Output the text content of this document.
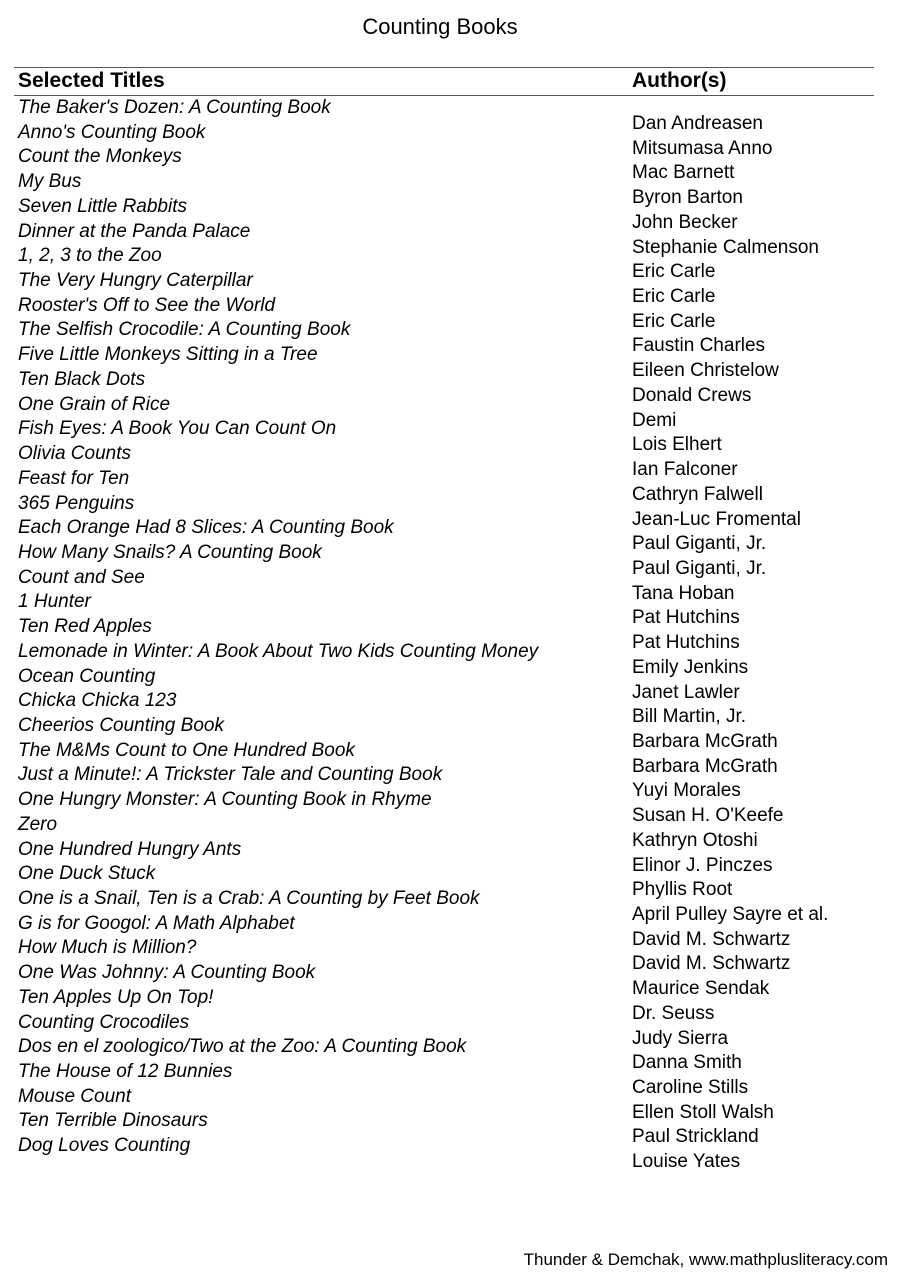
Counting Books
Selected Titles	Author(s)
The Baker's Dozen: A Counting Book
Anno's Counting Book
Count the Monkeys
My Bus
Seven Little Rabbits
Dinner at the Panda Palace
1, 2, 3 to the Zoo
The Very Hungry Caterpillar
Rooster's Off to See the World
The Selfish Crocodile: A Counting Book
Five Little Monkeys Sitting in a Tree
Ten Black Dots
One Grain of Rice
Fish Eyes: A Book You Can Count On
Olivia Counts
Feast for Ten
365 Penguins
Each Orange Had 8 Slices: A Counting Book
How Many Snails? A Counting Book
Count and See
1 Hunter
Ten Red Apples
Lemonade in Winter: A Book About Two Kids Counting Money
Ocean Counting
Chicka Chicka 123
Cheerios Counting Book
The M&Ms Count to One Hundred Book
Just a Minute!: A Trickster Tale and Counting Book
One Hungry Monster: A Counting Book in Rhyme
Zero
One Hundred Hungry Ants
One Duck Stuck
One is a Snail, Ten is a Crab: A Counting by Feet Book
G is for Googol: A Math Alphabet
How Much is Million?
One Was Johnny: A Counting Book
Ten Apples Up On Top!
Counting Crocodiles
Dos en el zoologico/Two at the Zoo: A Counting Book
The House of 12 Bunnies
Mouse Count
Ten Terrible Dinosaurs
Dog Loves Counting
Dan Andreasen
Mitsumasa Anno
Mac Barnett
Byron Barton
John Becker
Stephanie Calmenson
Eric Carle
Eric Carle
Eric Carle
Faustin Charles
Eileen Christelow
Donald Crews
Demi
Lois Elhert
Ian Falconer
Cathryn Falwell
Jean-Luc Fromental
Paul Giganti, Jr.
Paul Giganti, Jr.
Tana Hoban
Pat Hutchins
Pat Hutchins
Emily Jenkins
Janet Lawler
Bill Martin, Jr.
Barbara McGrath
Barbara McGrath
Yuyi Morales
Susan H. O'Keefe
Kathryn Otoshi
Elinor J. Pinczes
Phyllis Root
April Pulley Sayre et al.
David M. Schwartz
David M. Schwartz
Maurice Sendak
Dr. Seuss
Judy Sierra
Danna Smith
Caroline Stills
Ellen Stoll Walsh
Paul Strickland
Louise Yates
Thunder & Demchak, www.mathplusliteracy.com
